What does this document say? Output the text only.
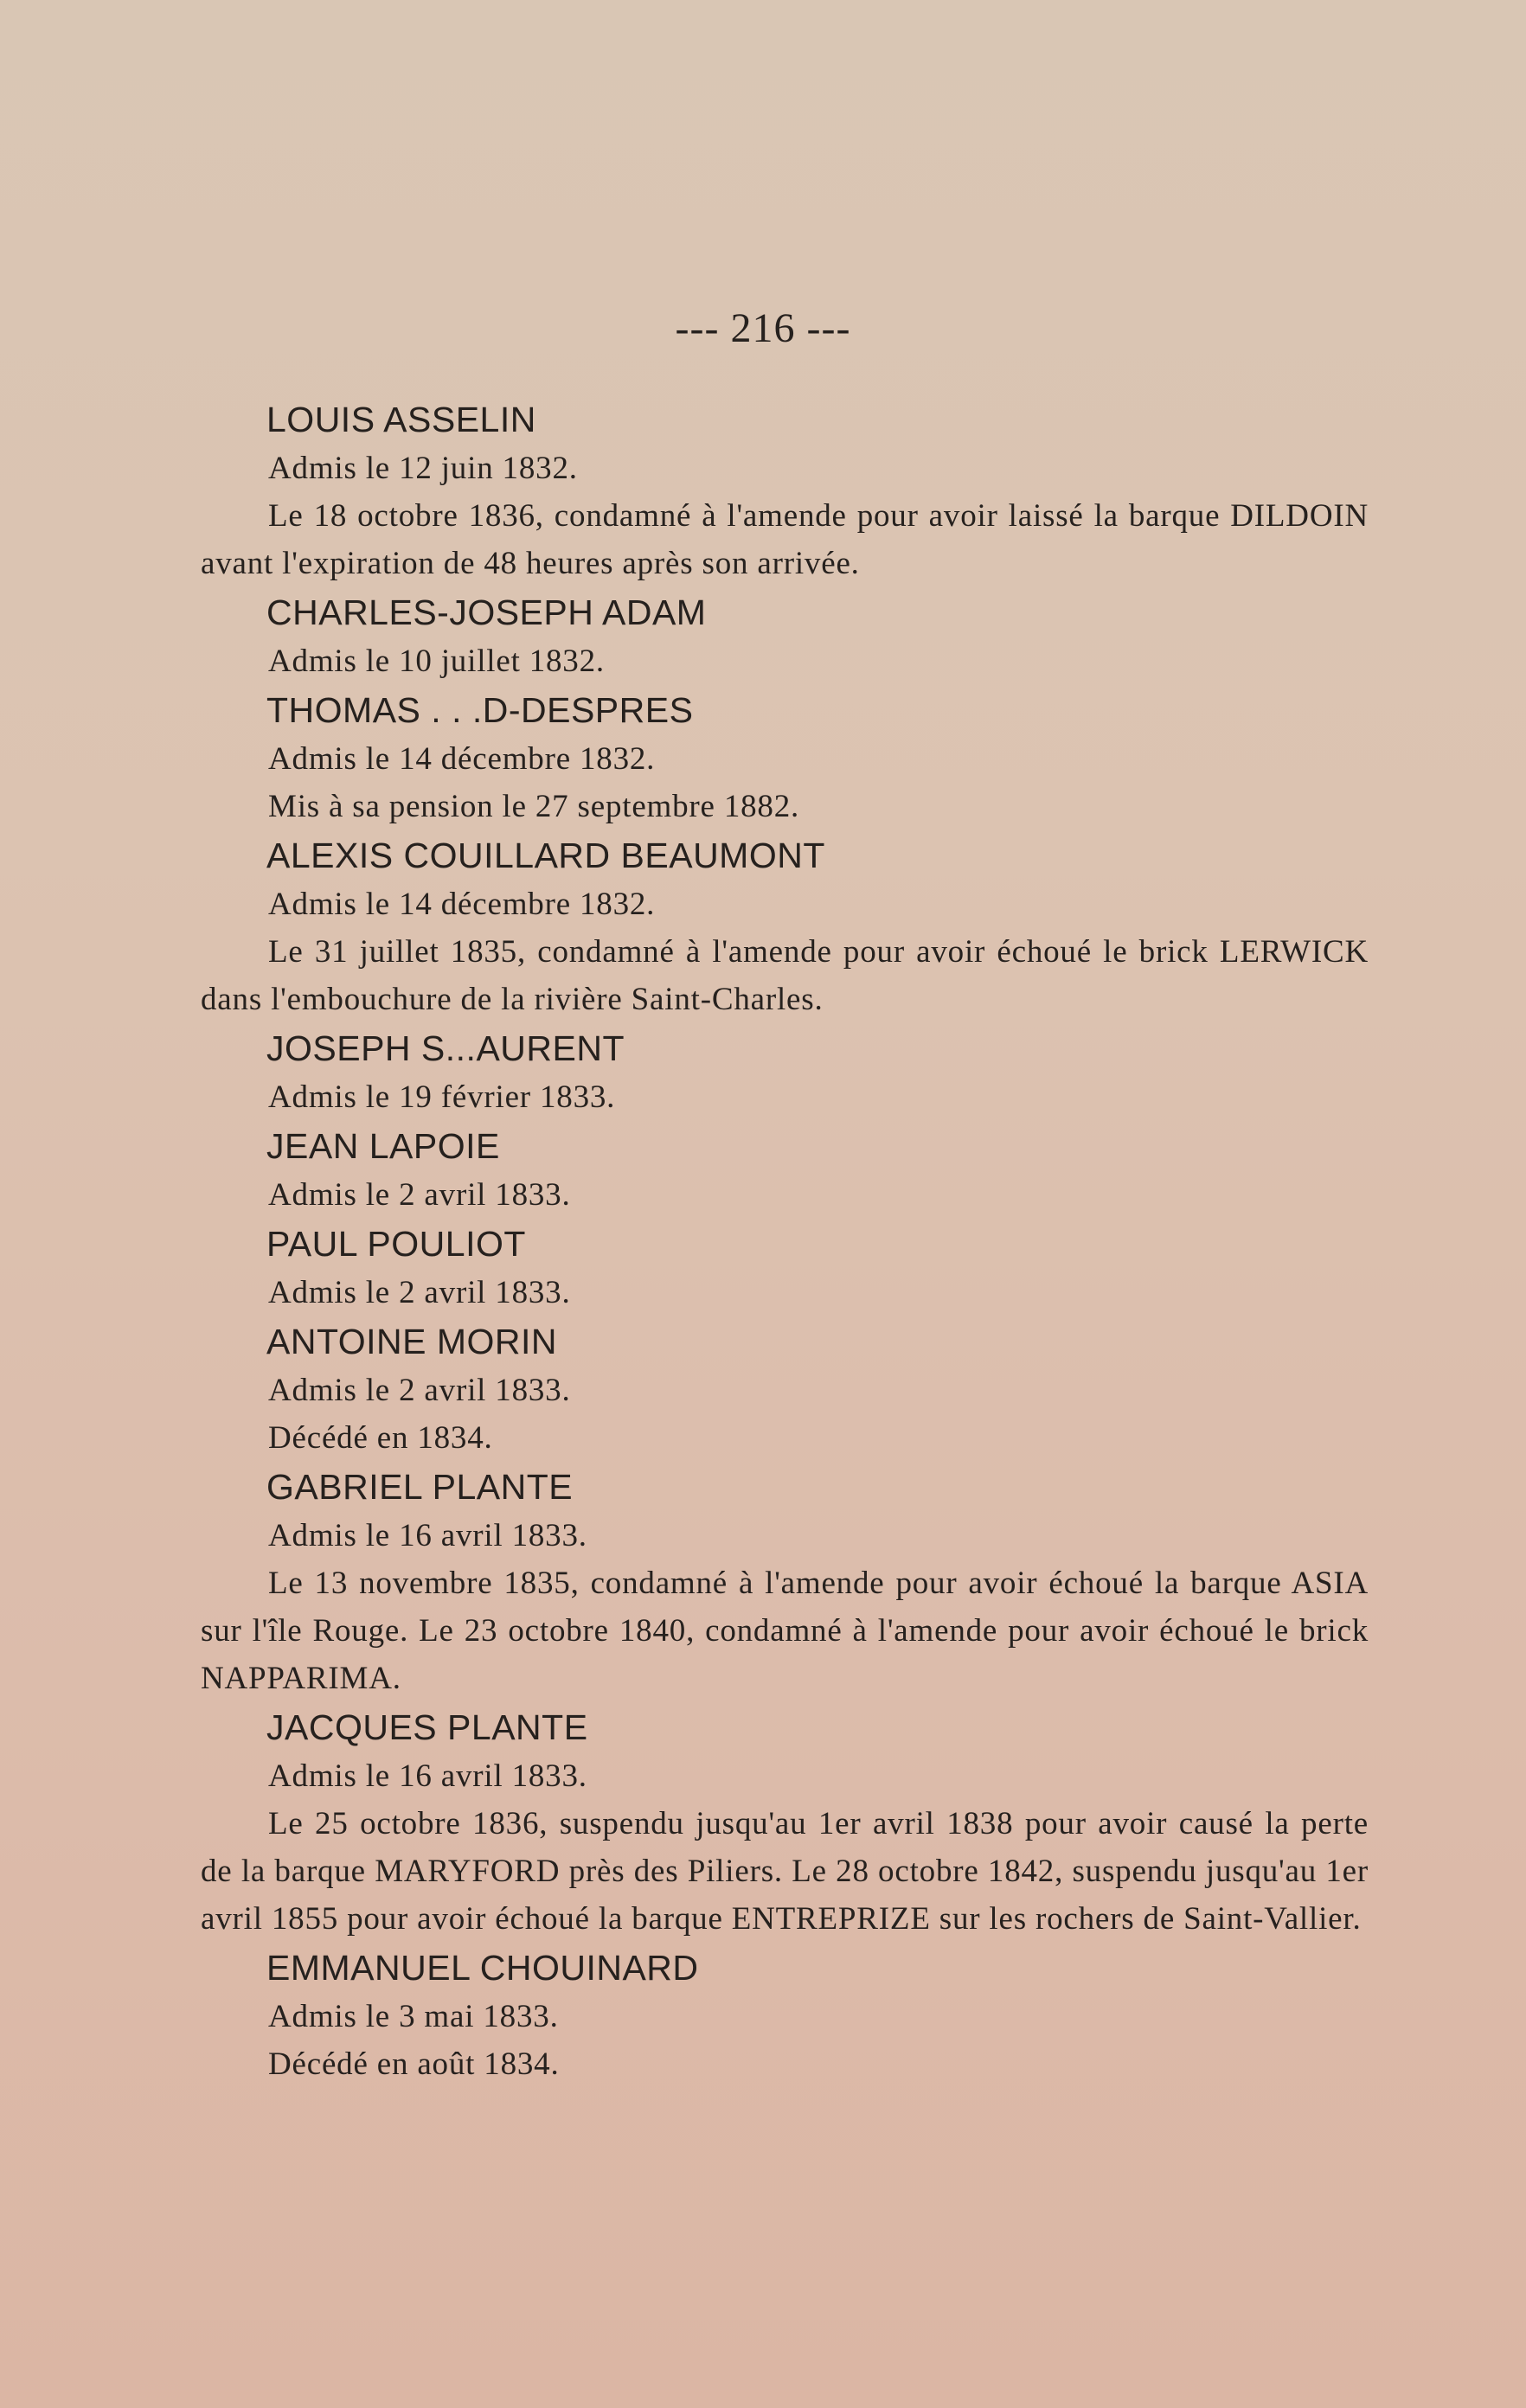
--- 216 ---
LOUIS ASSELIN
Admis le 12 juin 1832.
Le 18 octobre 1836, condamné à l'amende pour avoir laissé la barque DILDOIN avant l'expiration de 48 heures après son arrivée.
CHARLES-JOSEPH ADAM
Admis le 10 juillet 1832.
THOMAS . . .D-DESPRES
Admis le 14 décembre 1832.
Mis à sa pension le 27 septembre 1882.
ALEXIS COUILLARD BEAUMONT
Admis le 14 décembre 1832.
Le 31 juillet 1835, condamné à l'amende pour avoir échoué le brick LERWICK dans l'embouchure de la rivière Saint-Charles.
JOSEPH S...AURENT
Admis le 19 février 1833.
JEAN LAPOIE
Admis le 2 avril 1833.
PAUL POULIOT
Admis le 2 avril 1833.
ANTOINE MORIN
Admis le 2 avril 1833.
Décédé en 1834.
GABRIEL PLANTE
Admis le 16 avril 1833.
Le 13 novembre 1835, condamné à l'amende pour avoir échoué la barque ASIA sur l'île Rouge. Le 23 octobre 1840, condamné à l'amende pour avoir échoué le brick NAPPARIMA.
JACQUES PLANTE
Admis le 16 avril 1833.
Le 25 octobre 1836, suspendu jusqu'au 1er avril 1838 pour avoir causé la perte de la barque MARYFORD près des Piliers. Le 28 octobre 1842, suspendu jusqu'au 1er avril 1855 pour avoir échoué la barque ENTREPRIZE sur les rochers de Saint-Vallier.
EMMANUEL CHOUINARD
Admis le 3 mai 1833.
Décédé en août 1834.
